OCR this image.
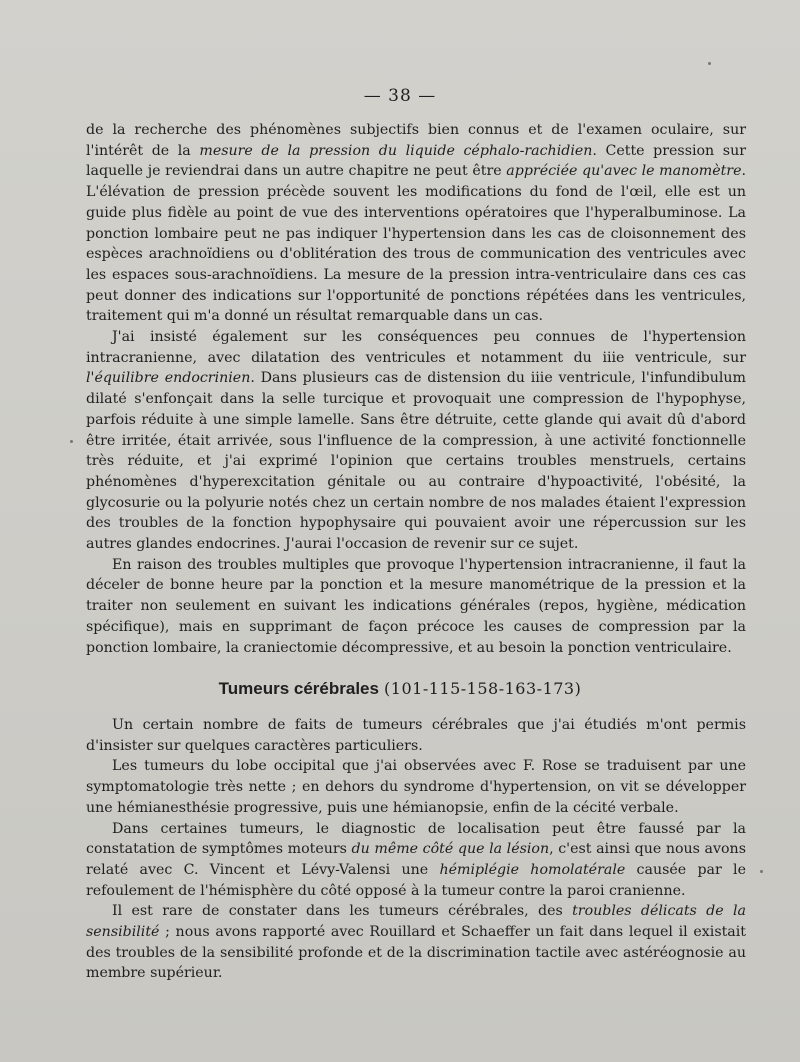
— 38 —

de la recherche des phénomènes subjectifs bien connus et de l'examen oculaire, sur l'intérêt de la mesure de la pression du liquide céphalo-rachidien. Cette pression sur laquelle je reviendrai dans un autre chapitre ne peut être appréciée qu'avec le manomètre. L'élévation de pression précède souvent les modifications du fond de l'œil, elle est un guide plus fidèle au point de vue des interventions opératoires que l'hyperalbuminose. La ponction lombaire peut ne pas indiquer l'hypertension dans les cas de cloisonnement des espèces arachnoïdiens ou d'oblitération des trous de communication des ventricules avec les espaces sous-arachnoïdiens. La mesure de la pression intra-ventriculaire dans ces cas peut donner des indications sur l'opportunité de ponctions répétées dans les ventricules, traitement qui m'a donné un résultat remarquable dans un cas.

J'ai insisté également sur les conséquences peu connues de l'hypertension intracranienne, avec dilatation des ventricules et notamment du iiie ventricule, sur l'équilibre endocrinien. Dans plusieurs cas de distension du iiie ventricule, l'infundibulum dilaté s'enfonçait dans la selle turcique et provoquait une compression de l'hypophyse, parfois réduite à une simple lamelle. Sans être détruite, cette glande qui avait dû d'abord être irritée, était arrivée, sous l'influence de la compression, à une activité fonctionnelle très réduite, et j'ai exprimé l'opinion que certains troubles menstruels, certains phénomènes d'hyperexcitation génitale ou au contraire d'hypoactivité, l'obésité, la glycosurie ou la polyurie notés chez un certain nombre de nos malades étaient l'expression des troubles de la fonction hypophysaire qui pouvaient avoir une répercussion sur les autres glandes endocrines. J'aurai l'occasion de revenir sur ce sujet.

En raison des troubles multiples que provoque l'hypertension intracranienne, il faut la déceler de bonne heure par la ponction et la mesure manométrique de la pression et la traiter non seulement en suivant les indications générales (repos, hygiène, médication spécifique), mais en supprimant de façon précoce les causes de compression par la ponction lombaire, la craniectomie décompressive, et au besoin la ponction ventriculaire.

Tumeurs cérébrales (101-115-158-163-173)

Un certain nombre de faits de tumeurs cérébrales que j'ai étudiés m'ont permis d'insister sur quelques caractères particuliers.

Les tumeurs du lobe occipital que j'ai observées avec F. Rose se traduisent par une symptomatologie très nette ; en dehors du syndrome d'hypertension, on vit se développer une hémianesthésie progressive, puis une hémianopsie, enfin de la cécité verbale.

Dans certaines tumeurs, le diagnostic de localisation peut être faussé par la constatation de symptômes moteurs du même côté que la lésion, c'est ainsi que nous avons relaté avec C. Vincent et Lévy-Valensi une hémiplégie homolatérale causée par le refoulement de l'hémisphère du côté opposé à la tumeur contre la paroi cranienne.

Il est rare de constater dans les tumeurs cérébrales, des troubles délicats de la sensibilité ; nous avons rapporté avec Rouillard et Schaeffer un fait dans lequel il existait des troubles de la sensibilité profonde et de la discrimination tactile avec astéréognosie au membre supérieur.
